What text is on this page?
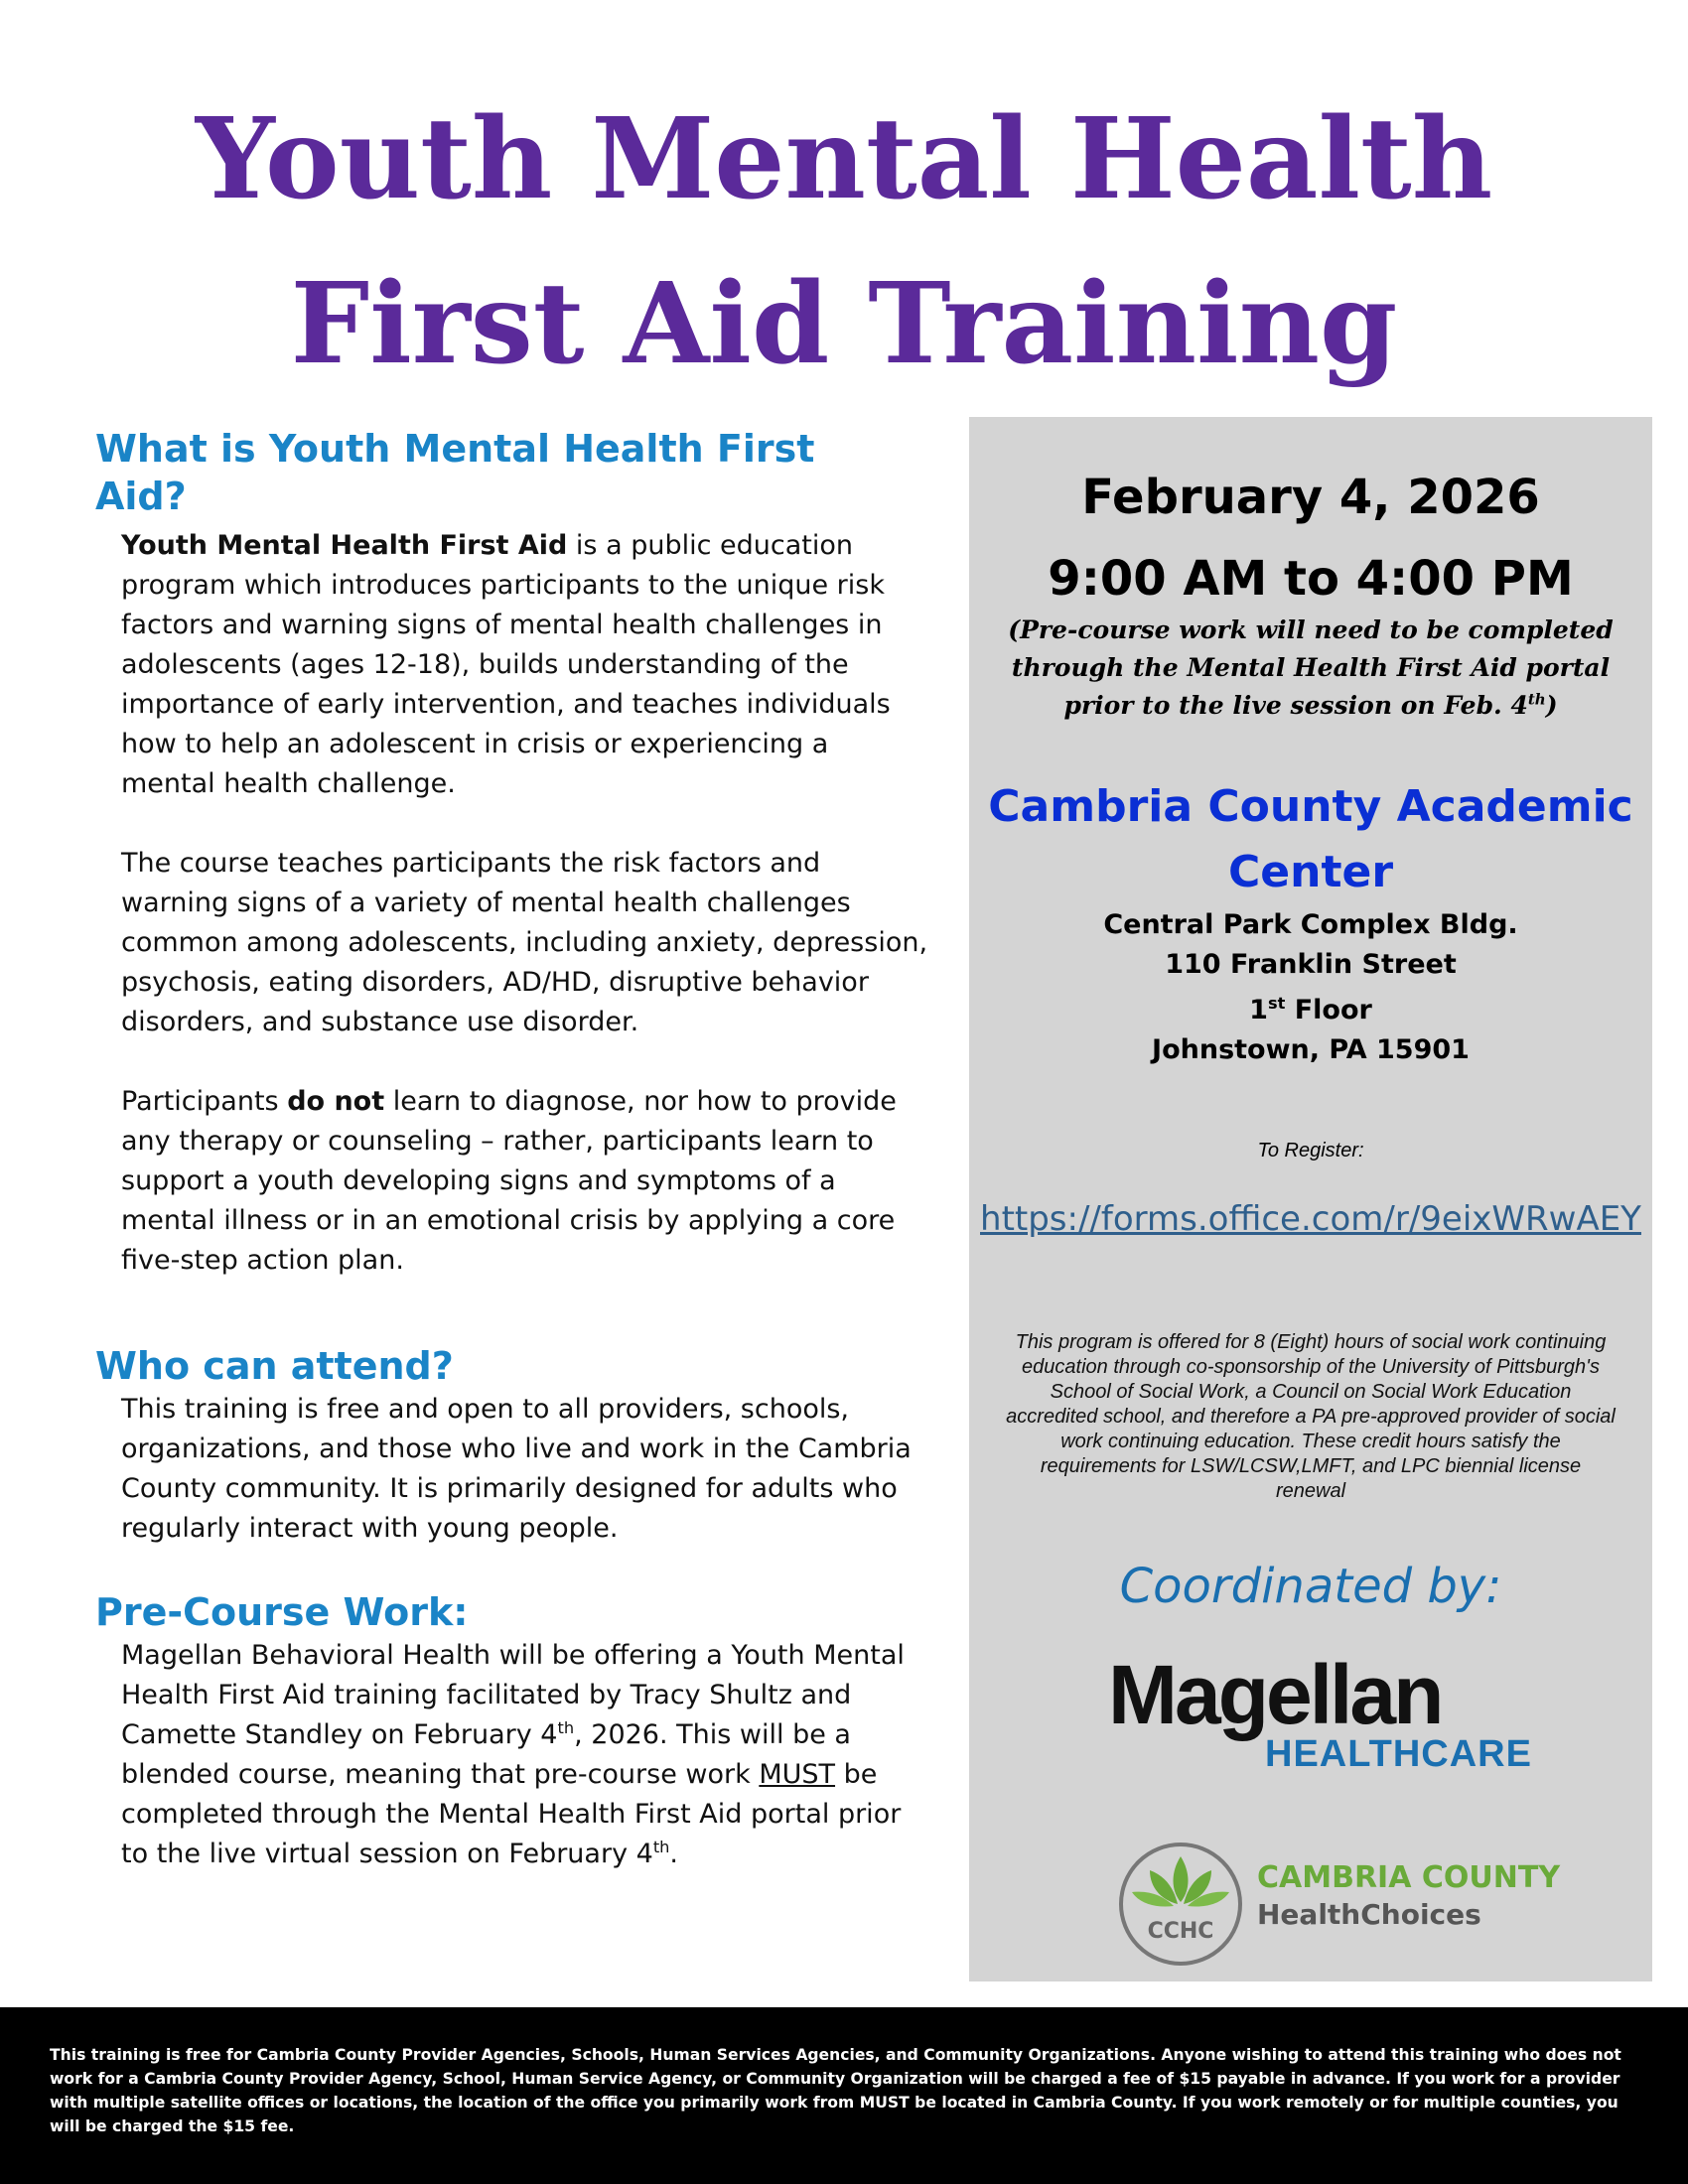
Youth Mental Health
First Aid Training
What is Youth Mental Health First Aid?

Youth Mental Health First Aid is a public education program which introduces participants to the unique risk factors and warning signs of mental health challenges in adolescents (ages 12-18), builds understanding of the importance of early intervention, and teaches individuals how to help an adolescent in crisis or experiencing a mental health challenge.

The course teaches participants the risk factors and warning signs of a variety of mental health challenges common among adolescents, including anxiety, depression, psychosis, eating disorders, AD/HD, disruptive behavior disorders, and substance use disorder.

Participants do not learn to diagnose, nor how to provide any therapy or counseling – rather, participants learn to support a youth developing signs and symptoms of a mental illness or in an emotional crisis by applying a core five-step action plan.

Who can attend?

This training is free and open to all providers, schools, organizations, and those who live and work in the Cambria County community. It is primarily designed for adults who regularly interact with young people.

Pre-Course Work:

Magellan Behavioral Health will be offering a Youth Mental Health First Aid training facilitated by Tracy Shultz and Camette Standley on February 4th, 2026. This will be a blended course, meaning that pre-course work MUST be completed through the Mental Health First Aid portal prior to the live virtual session on February 4th.

February 4, 2026
9:00 AM to 4:00 PM
(Pre-course work will need to be completed through the Mental Health First Aid portal prior to the live session on Feb. 4th)
Cambria County Academic
Center
Central Park Complex Bldg.
110 Franklin Street
1st Floor
Johnstown, PA 15901
To Register:
https://forms.office.com/r/9eixWRwAEY
This program is offered for 8 (Eight) hours of social work continuing education through co-sponsorship of the University of Pittsburgh's School of Social Work, a Council on Social Work Education accredited school, and therefore a PA pre-approved provider of social work continuing education. These credit hours satisfy the requirements for LSW/LCSW,LMFT, and LPC biennial license renewal
Coordinated by:
Magellan
HEALTHCARE
CCHC
CAMBRIA COUNTY
HealthChoices

This training is free for Cambria County Provider Agencies, Schools, Human Services Agencies, and Community Organizations. Anyone wishing to attend this training who does not work for a Cambria County Provider Agency, School, Human Service Agency, or Community Organization will be charged a fee of $15 payable in advance. If you work for a provider with multiple satellite offices or locations, the location of the office you primarily work from MUST be located in Cambria County. If you work remotely or for multiple counties, you will be charged the $15 fee.
